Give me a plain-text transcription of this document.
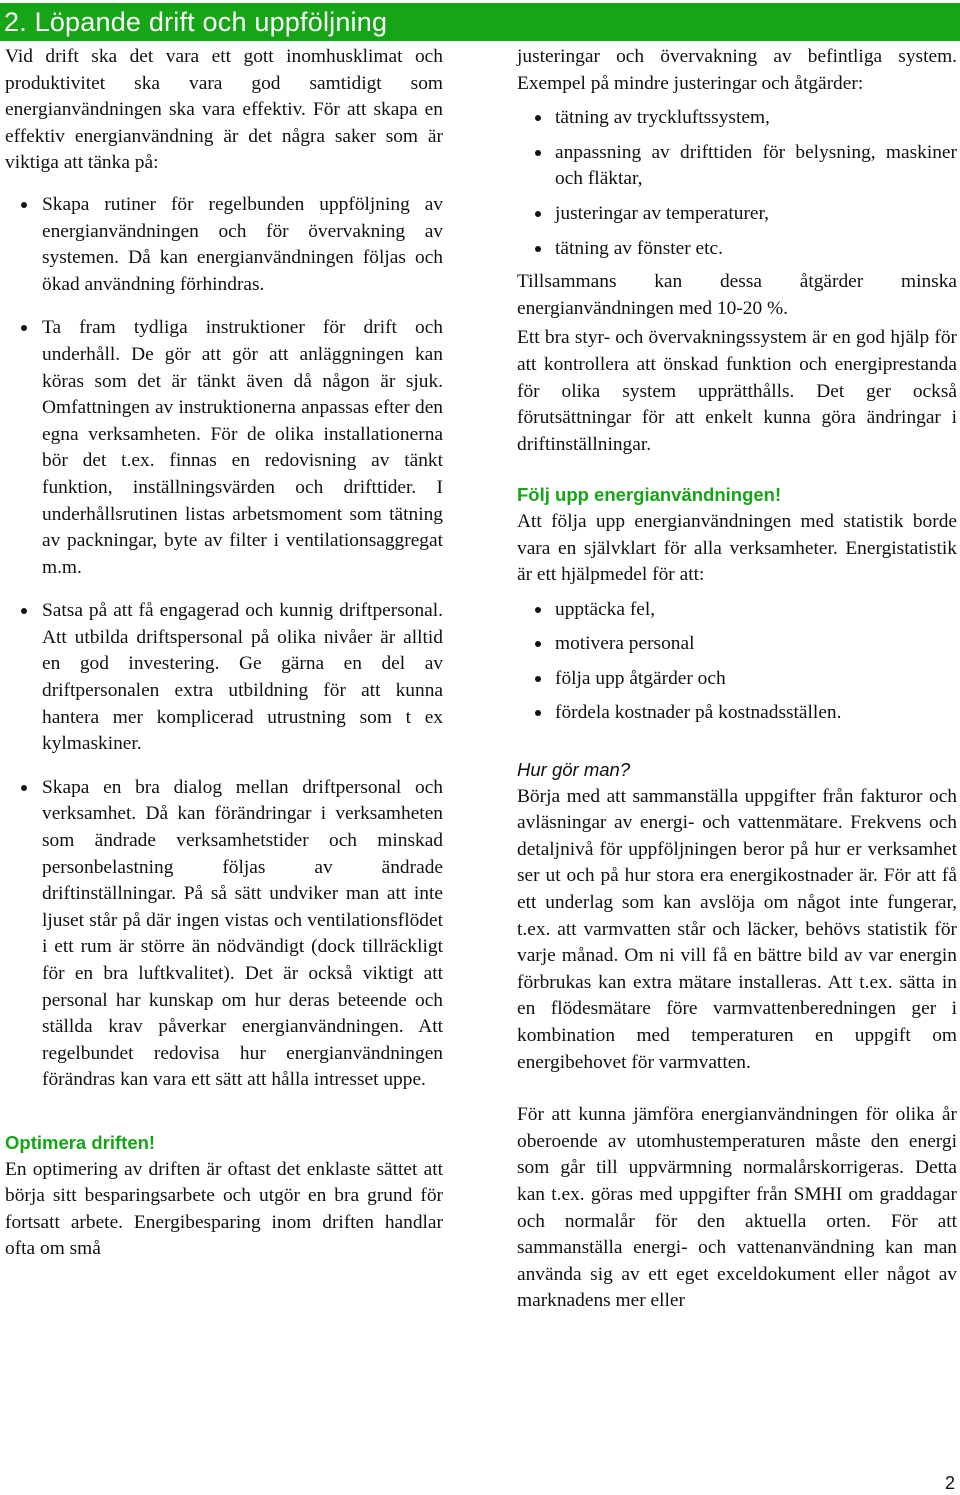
2. Löpande drift och uppföljning

Vid drift ska det vara ett gott inomhusklimat och produktivitet ska vara god samtidigt som energianvändningen ska vara effektiv. För att skapa en effektiv energianvändning är det några saker som är viktiga att tänka på:

Skapa rutiner för regelbunden uppföljning av energianvändningen och för övervakning av systemen. Då kan energianvändningen följas och ökad användning förhindras.
Ta fram tydliga instruktioner för drift och underhåll. De gör att gör att anläggningen kan köras som det är tänkt även då någon är sjuk. Omfattningen av instruktionerna anpassas efter den egna verksamheten. För de olika installationerna bör det t.ex. finnas en redovisning av tänkt funktion, inställningsvärden och drifttider. I underhållsrutinen listas arbetsmoment som tätning av packningar, byte av filter i ventilationsaggregat m.m.
Satsa på att få engagerad och kunnig driftpersonal. Att utbilda driftspersonal på olika nivåer är alltid en god investering. Ge gärna en del av driftpersonalen extra utbildning för att kunna hantera mer komplicerad utrustning som t ex kylmaskiner.
Skapa en bra dialog mellan driftpersonal och verksamhet. Då kan förändringar i verksamheten som ändrade verksamhetstider och minskad personbelastning följas av ändrade driftinställningar. På så sätt undviker man att inte ljuset står på där ingen vistas och ventilationsflödet i ett rum är större än nödvändigt (dock tillräckligt för en bra luftkvalitet). Det är också viktigt att personal har kunskap om hur deras beteende och ställda krav påverkar energianvändningen. Att regelbundet redovisa hur energianvändningen förändras kan vara ett sätt att hålla intresset uppe.
Optimera driften!

En optimering av driften är oftast det enklaste sättet att börja sitt besparingsarbete och utgör en bra grund för fortsatt arbete. Energibesparing inom driften handlar ofta om små

justeringar och övervakning av befintliga system. Exempel på mindre justeringar och åtgärder:

tätning av tryckluftssystem,
anpassning av drifttiden för belysning, maskiner och fläktar,
justeringar av temperaturer,
tätning av fönster etc.

Tillsammans kan dessa åtgärder minska energianvändningen med 10-20 %.

Ett bra styr- och övervakningssystem är en god hjälp för att kontrollera att önskad funktion och energiprestanda för olika system upprätthålls. Det ger också förutsättningar för att enkelt kunna göra ändringar i driftinställningar.

Följ upp energianvändningen!

Att följa upp energianvändningen med statistik borde vara en självklart för alla verksamheter. Energistatistik är ett hjälpmedel för att:

upptäcka fel,
motivera personal
följa upp åtgärder och
fördela kostnader på kostnadsställen.
Hur gör man?

Börja med att sammanställa uppgifter från fakturor och avläsningar av energi- och vattenmätare. Frekvens och detaljnivå för uppföljningen beror på hur er verksamhet ser ut och på hur stora era energikostnader är. För att få ett underlag som kan avslöja om något inte fungerar, t.ex. att varmvatten står och läcker, behövs statistik för varje månad. Om ni vill få en bättre bild av var energin förbrukas kan extra mätare installeras. Att t.ex. sätta in en flödesmätare före varmvattenberedningen ger i kombination med temperaturen en uppgift om energibehovet för varmvatten.

För att kunna jämföra energianvändningen för olika år oberoende av utomhustemperaturen måste den energi som går till uppvärmning normalårskorrigeras. Detta kan t.ex. göras med uppgifter från SMHI om graddagar och normalår för den aktuella orten. För att sammanställa energi- och vattenanvändning kan man använda sig av ett eget exceldokument eller något av marknadens mer eller

2
